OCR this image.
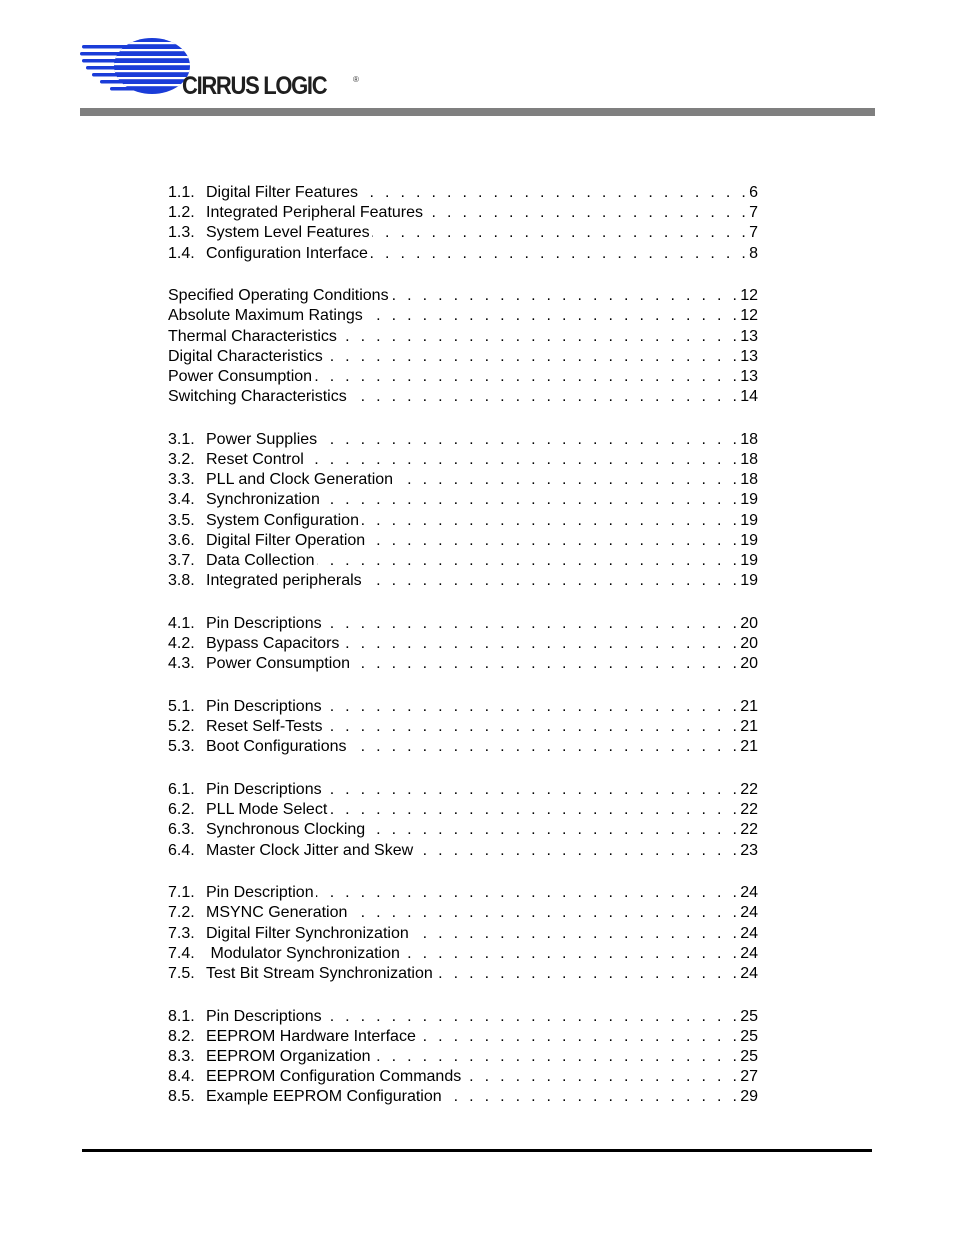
CIRRUS LOGIC	®
1.1. Digital Filter Features . . .	6
1.2. Integrated Peripheral Features . . .	7
1.3. System Level Features . . .	7
1.4. Configuration Interface . . .	8
Specified Operating Conditions . . .	12
Absolute Maximum Ratings . . .	12
Thermal Characteristics . . .	13
Digital Characteristics . . .	13
Power Consumption . . .	13
Switching Characteristics . . .	14
3.1. Power Supplies . . .	18
3.2. Reset Control . . .	18
3.3. PLL and Clock Generation . . .	18
3.4. Synchronization . . .	19
3.5. System Configuration . . .	19
3.6. Digital Filter Operation . . .	19
3.7. Data Collection . . .	19
3.8. Integrated peripherals . . .	19
4.1. Pin Descriptions . . .	20
4.2. Bypass Capacitors . . .	20
4.3. Power Consumption . . .	20
5.1. Pin Descriptions . . .	21
5.2. Reset Self-Tests . . .	21
5.3. Boot Configurations . . .	21
6.1. Pin Descriptions . . .	22
6.2. PLL Mode Select . . .	22
6.3. Synchronous Clocking . . .	22
6.4. Master Clock Jitter and Skew . . .	23
7.1. Pin Description . . .	24
7.2. MSYNC Generation . . .	24
7.3. Digital Filter Synchronization . . .	24
7.4. Modulator Synchronization . . .	24
7.5. Test Bit Stream Synchronization . . .	24
8.1. Pin Descriptions . . .	25
8.2. EEPROM Hardware Interface . . .	25
8.3. EEPROM Organization . . .	25
8.4. EEPROM Configuration Commands . . .	27
8.5. Example EEPROM Configuration . . .	29
